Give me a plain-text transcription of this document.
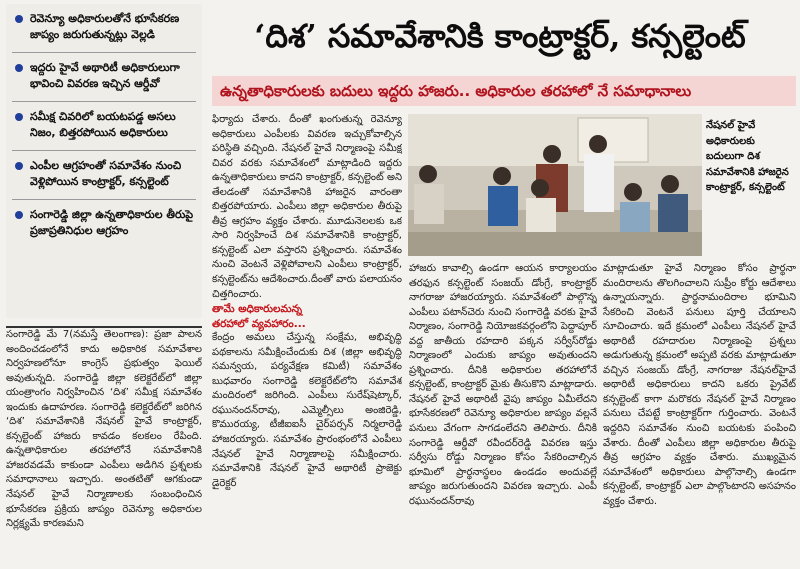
రెవెన్యూ అధికారులతోనే భూసేకరణ జాప్యం జరుగుతున్నట్లు వెల్లడి
ఇద్దరు హైవే అథారిటీ అధికారులుగా భావించి వివరణ ఇచ్చిన ఆర్డీవో
సమీక్ష చివరిలో బయటపడ్డ అసలు నిజం, బిత్తరపోయిన అధికారులు
ఎంపీల ఆగ్రహంతో సమావేశం నుంచి వెళ్లిపోయిన కాంట్రాక్టర్, కన్సల్టెంట్
సంగారెడ్డి జిల్లా ఉన్నతాధికారుల తీరుపై ప్రజాప్రతినిధుల ఆగ్రహం
‘దిశ’ సమావేశానికి కాంట్రాక్టర్, కన్సల్టెంట్
ఉన్నతాధికారులకు బదులు ఇద్దరు హాజరు.. అధికారుల తరహాలో నే సమాధానాలు

సంగారెడ్డి మే 7(నమస్తే తెలంగాణ): ప్రజా పాలన అందించడంలోనే కాదు అధికారిక సమావేశాల నిర్వహణలోనూ కాంగ్రెస్ ప్రభుత్వం ఫెయిల్ అవుతున్నది. సంగారెడ్డి జిల్లా కలెక్టరేట్‌లో జిల్లా యంత్రాంగం నిర్వహించిన ‘దిశ’ సమీక్ష సమావేశం ఇందుకు ఉదాహరణ. సంగారెడ్డి కలెక్టరేట్‌లో జరిగిన ‘దిశ’ సమావేశానికి నేషనల్ హైవే కాంట్రాక్టర్, కన్సల్టెంట్ హాజరు కావడం కలకలం రేపింది. ఉన్నతాధికారుల తరహాలోనే సమావేశానికి హాజరవడమే కాకుండా ఎంపీలు అడిగిన ప్రశ్నలకు సమాధానాలు ఇచ్చారు. అంతటితో ఆగకుండా నేషనల్ హైవే నిర్మాణాలకు సంబంధించిన భూసేకరణ ప్రక్రియ జాప్యం రెవెన్యూ అధికారుల నిర్లక్ష్యమే కారణమని

ఫిర్యాదు చేశారు. దీంతో ఖంగుతున్న రెవెన్యూ అధికారులు ఎంపీలకు వివరణ ఇచ్చుకోవాల్సిన పరిస్థితి వచ్చింది. నేషనల్ హైవే నిర్మాణంపై సమీక్ష చివర వరకు సమావేశంలో మాట్లాడింది ఇద్దరు ఉన్నతాధికారులు కాదని కాంట్రాక్టర్, కన్సల్టెంట్ అని తేలడంతో సమావేశానికి హాజరైన వారంతా బిత్తరపోయారు. ఎంపీలు జిల్లా అధికారుల తీరుపై తీవ్ర ఆగ్రహం వ్యక్తం చేశారు. మూడునెలలకు ఒక సారి నిర్వహించే దిశ సమావేశానికి కాంట్రాక్టర్, కన్సల్టెంట్ ఎలా వస్తారని ప్రశ్నించారు. సమావేశం నుంచి వెంటనే వెళ్లిపోవాలని ఎంపీలు కాంట్రాక్టర్, కన్సల్టెంట్‌ను ఆదేశించారు.దీంతో వారు పలాయనం చిత్తగించారు.

తామే అధికారులమన్న
తరహాలో వ్యవహారం...

కేంద్రం అమలు చేస్తున్న సంక్షేమ, అభివృద్ధి పథకాలను సమీక్షించేందుకు దిశ (జిల్లా అభివృద్ధి సమన్వయ, పర్యవేక్షణ కమిటీ) సమావేశం బుధవారం సంగారెడ్డి కలెక్టరేట్‌లోని సమావేశ మందిరంలో జరిగింది. ఎంపీలు సురేష్‌షెట్కార్, రఘునందన్‌రావు, ఎమ్మెల్సీలు అంజిరెడ్డి, కొమురయ్య, టీజీఐఐసీ చైర్‌పర్సన్ నిర్మలారెడ్డి హాజరయ్యారు. సమావేశం ప్రారంభంలోనే ఎంపీలు నేషనల్ హైవే నిర్మాణాలపై సమీక్షించారు. సమావేశానికి నేషనల్ హైవే అథారిటీ ప్రాజెక్టు డైరెక్టర్

నేషనల్ హైవే అధికారులకు బదులుగా దిశ సమావేశానికి హాజరైన కాంట్రాక్టర్, కన్సల్టెంట్

హాజరు కావాల్సి ఉండగా ఆయన కార్యాలయం తరఫున కన్సల్టెంట్ సంజయ్ డోంగ్రే, కాంట్రాక్టర్ నాగరాజు హాజరయ్యారు. సమావేశంలో పాల్గొన్న ఎంపీలు పటాన్‌చెరు నుంచి సంగారెడ్డి వరకు హైవే నిర్మాణం, సంగారెడ్డి నియోజకవర్గంలోని పెద్దాపూర్ వద్ద జాతీయ రహదారి పక్కన సర్వీస్‌రోడ్డు నిర్మాణంలో ఎందుకు జాప్యం అవుతుందని ప్రశ్నించారు. దీనికి అధికారుల తరహాలోనే కన్సల్టెంట్, కాంట్రాక్టర్ మైకు తీసుకొని మాట్లాడారు. నేషనల్ హైవే అథారిటీ వైపు జాప్యం ఏమీలేదని భూసేకరణలో రెవెన్యూ అధికారుల జాప్యం వల్లనే పనులు వేగంగా సాగడంలేదని తెలిపారు. దీనికి సంగారెడ్డి ఆర్డీవో రవీందర్‌రెడ్డి వివరణ ఇస్తు సర్వీసు రోడ్డు నిర్మాణం కోసం సేకరించాల్సిన భూమిలో ప్రార్థనాస్థలం ఉండడం అందువల్లే జాప్యం జరుగుతుందని వివరణ ఇచ్చారు. ఎంపీ రఘునందన్‌రావు

మాట్లాడుతూ హైవే నిర్మాణం కోసం ప్రార్థనా మందిరాలను తొలగించాలని సుప్రీం కోర్టు ఆదేశాలు ఉన్నాయన్నారు. ప్రార్థనామందిరాల భూమిని సేకరించి వెంటనే పనులు పూర్తి చేయాలని సూచించారు. ఇదే క్రమంలో ఎంపీలు నేషనల్ హైవే అథారిటీ రహదారుల నిర్మాణంపై ప్రశ్నలు అడుగుతున్న క్రమంలో అప్పటి వరకు మాట్లాడుతూ వచ్చిన సంజయ్ డోంగ్రే, నాగరాజు నేషనల్‌హైవే అథారిటీ అధికారులు కాదని ఒకరు ప్రైవేట్ కన్సల్టెంట్ కాగా మరొకరు నేషనల్ హైవే నిర్మాణం పనులు చేపట్టే కాంట్రాక్టర్‌గా గుర్తించారు. వెంటనే ఇద్దరిని సమావేశం నుంచి బయటకు పంపించి వేశారు. దీంతో ఎంపీలు జిల్లా అధికారుల తీరుపై తీవ్ర ఆగ్రహం వ్యక్తం చేశారు. ముఖ్యమైన సమావేశంలో అధికారులు పాల్గొనాల్సి ఉండగా కన్సల్టెంట్, కాంట్రాక్టర్ ఎలా పాల్గొంటారని అసహనం వ్యక్తం చేశారు.
